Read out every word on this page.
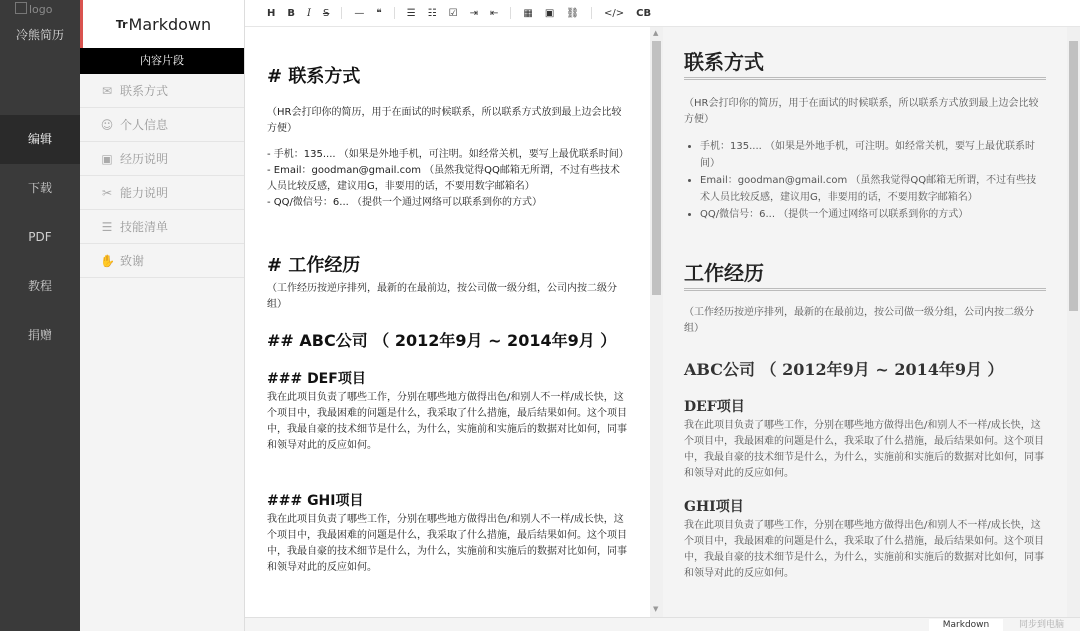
logo
冷熊简历
编辑
下载
PDF
教程
捐赠
Tr Markdown
内容片段
✉ 联系方式
☺ 个人信息
▣ 经历说明
✂ 能力说明
☰ 技能清单
✋ 致谢
H B I S	— ❝	☰ ☷ ☑ ⇥ ⇤	▦ ▣ ⛓	</> CB
# 联系方式

（HR会打印你的简历，用于在面试的时候联系，所以联系方式放到最上边会比较方便）

- 手机：135.... （如果是外地手机，可注明。如经常关机，要写上最优联系时间）
- Email：goodman@gmail.com （虽然我觉得QQ邮箱无所谓，不过有些技术人员比较反感，建议用G，非要用的话，不要用数字邮箱名）
- QQ/微信号：6... （提供一个通过网络可以联系到你的方式）

# 工作经历

（工作经历按逆序排列，最新的在最前边，按公司做一级分组，公司内按二级分组）

## ABC公司 （ 2012年9月 ~ 2014年9月 ）
### DEF项目

我在此项目负责了哪些工作，分别在哪些地方做得出色/和别人不一样/成长快，这个项目中，我最困难的问题是什么，我采取了什么措施，最后结果如何。这个项目中，我最自豪的技术细节是什么，为什么，实施前和实施后的数据对比如何，同事和领导对此的反应如何。

### GHI项目

我在此项目负责了哪些工作，分别在哪些地方做得出色/和别人不一样/成长快，这个项目中，我最困难的问题是什么，我采取了什么措施，最后结果如何。这个项目中，我最自豪的技术细节是什么，为什么，实施前和实施后的数据对比如何，同事和领导对此的反应如何。

▲
▼
联系方式

（HR会打印你的简历，用于在面试的时候联系，所以联系方式放到最上边会比较方便）

• 手机：135.... （如果是外地手机，可注明。如经常关机，要写上最优联系时间）
• Email：goodman@gmail.com （虽然我觉得QQ邮箱无所谓，不过有些技术人员比较反感，建议用G，非要用的话，不要用数字邮箱名）
• QQ/微信号：6... （提供一个通过网络可以联系到你的方式）
工作经历

（工作经历按逆序排列，最新的在最前边，按公司做一级分组，公司内按二级分组）

ABC公司 （ 2012年9月 ~ 2014年9月 ）
DEF项目

我在此项目负责了哪些工作，分别在哪些地方做得出色/和别人不一样/成长快，这个项目中，我最困难的问题是什么，我采取了什么措施，最后结果如何。这个项目中，我最自豪的技术细节是什么，为什么，实施前和实施后的数据对比如何，同事和领导对此的反应如何。

GHI项目

我在此项目负责了哪些工作，分别在哪些地方做得出色/和别人不一样/成长快，这个项目中，我最困难的问题是什么，我采取了什么措施，最后结果如何。这个项目中，我最自豪的技术细节是什么，为什么，实施前和实施后的数据对比如何，同事和领导对此的反应如何。

Markdown	同步到电脑
